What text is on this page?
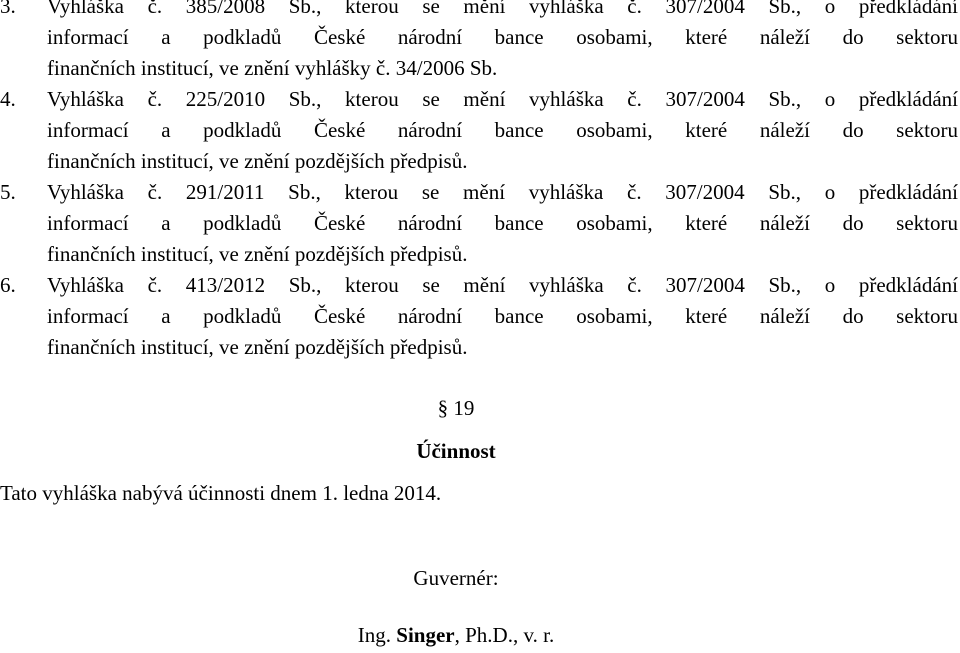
3. Vyhláška č. 385/2008 Sb., kterou se mění vyhláška č. 307/2004 Sb., o předkládání
informací a podkladů České národní bance osobami, které náleží do sektoru
finančních institucí, ve znění vyhlášky č. 34/2006 Sb.
4. Vyhláška č. 225/2010 Sb., kterou se mění vyhláška č. 307/2004 Sb., o předkládání
informací a podkladů České národní bance osobami, které náleží do sektoru
finančních institucí, ve znění pozdějších předpisů.
5. Vyhláška č. 291/2011 Sb., kterou se mění vyhláška č. 307/2004 Sb., o předkládání
informací a podkladů České národní bance osobami, které náleží do sektoru
finančních institucí, ve znění pozdějších předpisů.
6. Vyhláška č. 413/2012 Sb., kterou se mění vyhláška č. 307/2004 Sb., o předkládání
informací a podkladů České národní bance osobami, které náleží do sektoru
finančních institucí, ve znění pozdějších předpisů.
§ 19
Účinnost
Tato vyhláška nabývá účinnosti dnem 1. ledna 2014.
Guvernér:
Ing. Singer, Ph.D., v. r.
